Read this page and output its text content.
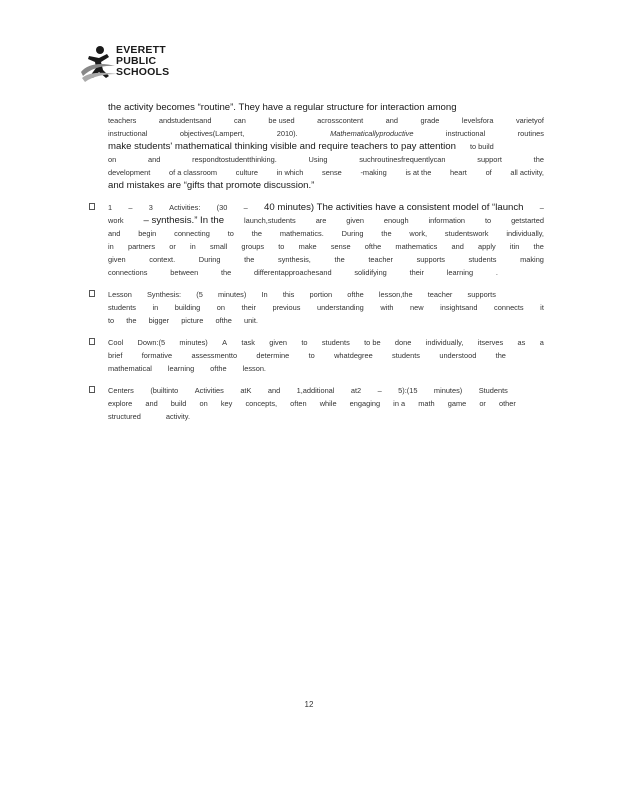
EVERETT
PUBLIC
SCHOOLS
the activity becomes “routine”. They have a regular structure for interaction among
teachers	andstudentsand	can	be used	acrosscontent	and	grade	levelsfora	varietyof
instructional	objectives(Lampert,	2010).	Mathematicallyproductive	instructional	routines
make students' mathematical thinking visible and require teachers to pay attention to build
on	and	respondtostudentthinking.	Using	suchroutinesfrequentlycan	support	the
development	of a classroom	culture	in which	sense	-making	is at the	heart	of	all activity,
and mistakes are “gifts that promote discussion.”
1 – 3 Activities: (30 – 40 minutes) The activities have a consistent model of “launch –
work – synthesis.” In the	launch,students	are	given	enough	information	to	getstarted
and begin connecting to the mathematics. During the work, studentswork individually,
in partners or in small groups to make sense ofthe mathematics and apply itin the
given	context.	During	the	synthesis,	the	teacher	supports	students	making
connections	between	the	differentapproachesand	solidifying	their	learning	.
Lesson Synthesis: (5 minutes) In this portion ofthe lesson,the teacher supports
students in building on their previous understanding with new insightsand connects it
to the bigger picture ofthe unit.
Cool Down:(5 minutes) A task given to students to be done individually, itserves as a
brief	formative	assessmentto	determine	to	whatdegree	students	understood	the
mathematical learning ofthe lesson.
Centers (builtinto Activities atK and 1,additional at2 – 5):(15 minutes) Students
explore and build on key concepts, often while engaging in a math game or other
structured	activity.
12
